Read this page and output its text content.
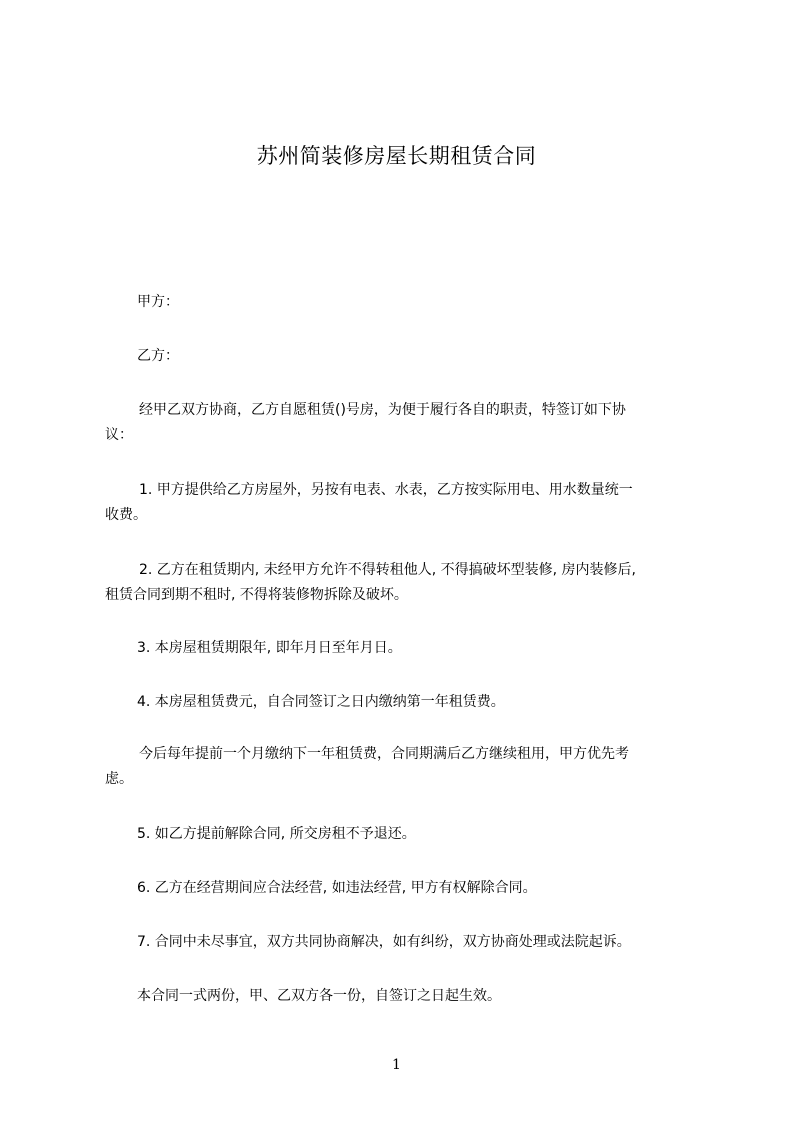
苏州简装修房屋长期租赁合同

甲方：

乙方：

经甲乙双方协商，乙方自愿租赁()号房，为便于履行各自的职责，特签订如下协
议：

1. 甲方提供给乙方房屋外，另按有电表、水表，乙方按实际用电、用水数量统一
收费。

2. 乙方在租赁期内, 未经甲方允许不得转租他人, 不得搞破坏型装修, 房内装修后,
租赁合同到期不租时, 不得将装修物拆除及破坏。

3. 本房屋租赁期限年, 即年月日至年月日。

4. 本房屋租赁费元，自合同签订之日内缴纳第一年租赁费。

今后每年提前一个月缴纳下一年租赁费，合同期满后乙方继续租用，甲方优先考
虑。

5. 如乙方提前解除合同, 所交房租不予退还。

6. 乙方在经营期间应合法经营, 如违法经营, 甲方有权解除合同。

7. 合同中未尽事宜，双方共同协商解决，如有纠纷，双方协商处理或法院起诉。

本合同一式两份，甲、乙双方各一份，自签订之日起生效。

1
